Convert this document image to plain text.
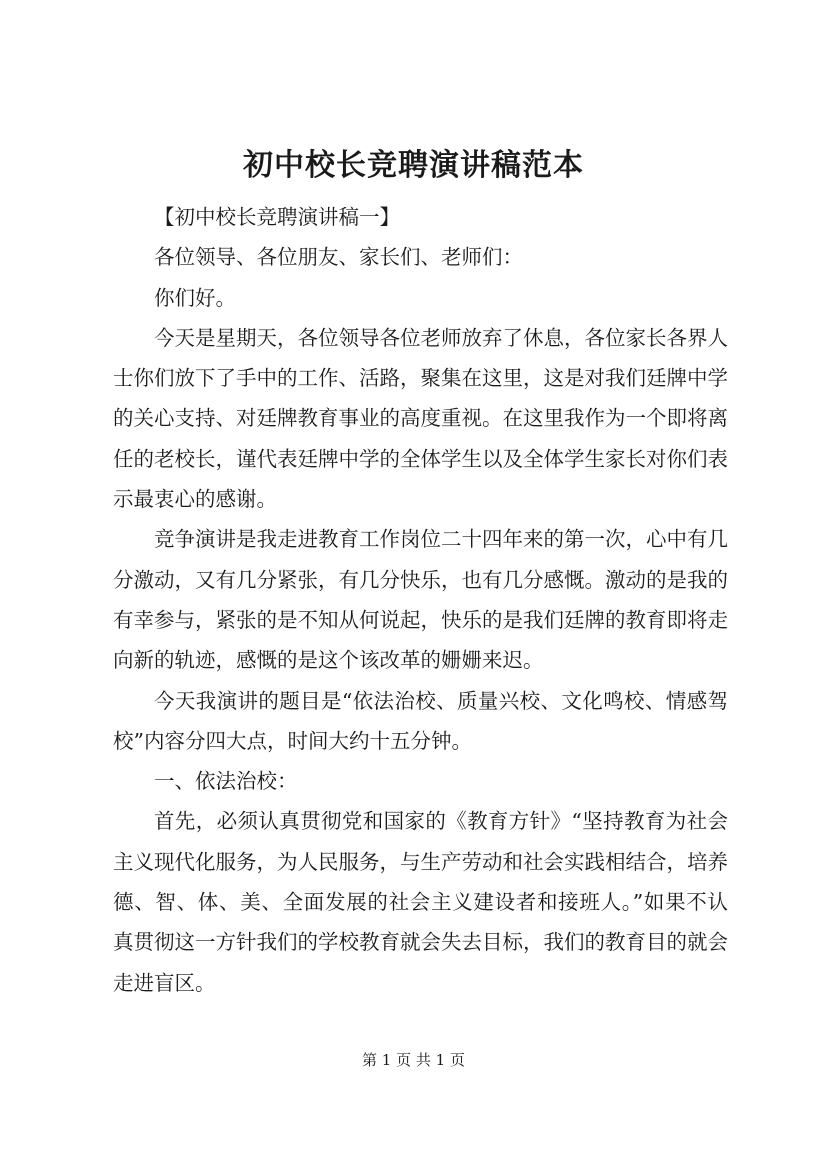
初中校长竞聘演讲稿范本

【初中校长竞聘演讲稿一】

各位领导、各位朋友、家长们、老师们：

你们好。

今天是星期天，各位领导各位老师放弃了休息，各位家长各界人士你们放下了手中的工作、活路，聚集在这里，这是对我们廷牌中学的关心支持、对廷牌教育事业的高度重视。在这里我作为一个即将离任的老校长，谨代表廷牌中学的全体学生以及全体学生家长对你们表示最衷心的感谢。

竞争演讲是我走进教育工作岗位二十四年来的第一次，心中有几分激动，又有几分紧张，有几分快乐，也有几分感慨。激动的是我的有幸参与，紧张的是不知从何说起，快乐的是我们廷牌的教育即将走向新的轨迹，感慨的是这个该改革的姗姗来迟。

今天我演讲的题目是“依法治校、质量兴校、文化鸣校、情感驾校”内容分四大点，时间大约十五分钟。

一、依法治校：

首先，必须认真贯彻党和国家的《教育方针》“坚持教育为社会主义现代化服务，为人民服务，与生产劳动和社会实践相结合，培养德、智、体、美、全面发展的社会主义建设者和接班人。”如果不认真贯彻这一方针我们的学校教育就会失去目标，我们的教育目的就会走进盲区。

第 1 页 共 1 页
